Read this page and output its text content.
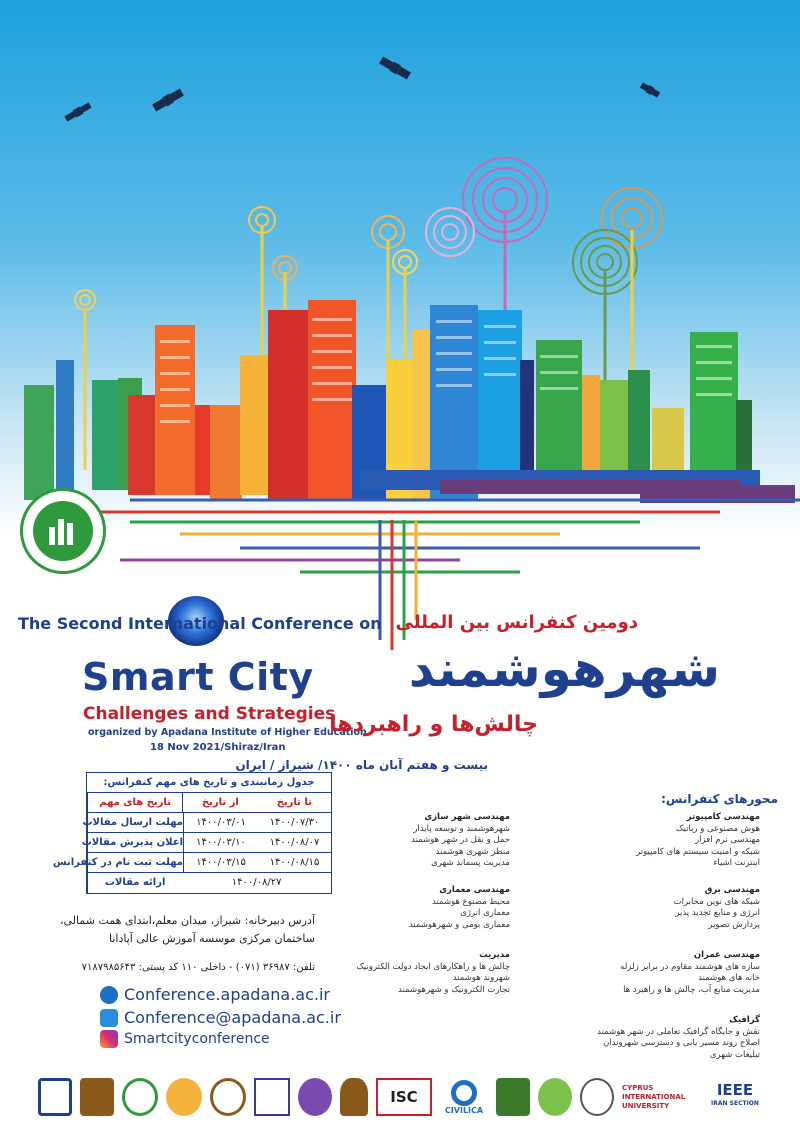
The Second International Conference on
Smart City
Challenges and Strategies
organized by Apadana Institute of Higher Education
18 Nov 2021/Shiraz/Iran
دومین کنفرانس بین المللی
شهرهوشمند
چالش‌ها و راهبردها
بیست و هفتم آبان ماه ۱۴۰۰/ شیراز / ایران
جدول زمانبندی و تاریخ های مهم کنفرانس:
تاریخ های مهم	از تاریخ	تا تاریخ
مهلت ارسال مقالات	۱۴۰۰/۰۳/۰۱	۱۴۰۰/۰۷/۳۰
اعلان پذیرش مقالات	۱۴۰۰/۰۳/۱۰	۱۴۰۰/۰۸/۰۷
مهلت ثبت نام در کنفرانس	۱۴۰۰/۰۳/۱۵	۱۴۰۰/۰۸/۱۵
ارائه مقالات	۱۴۰۰/۰۸/۲۷
آدرس دبیرخانه: شیراز، میدان معلم،ابتدای همت شمالی،
ساختمان مرکزی موسسه آموزش عالی آپادانا
تلفن: ۳۶۹۸۷ (۰۷۱) - داخلی ۱۱۰ کد پستی: ۷۱۸۷۹۸۵۶۴۳
Conference.apadana.ac.ir
Conference@apadana.ac.ir
Smartcityconference
محورهای کنفرانس:
مهندسی کامپیوتر
هوش مصنوعی و رباتیک
مهندسی نرم افزار
شبکه و امنیت سیستم های کامپیوتر
اینترنت اشیاء
مهندسی شهر سازی
شهرهوشمند و توسعه پایدار
حمل و نقل در شهر هوشمند
منظر شهری هوشمند
مدیریت پسماند شهری
مهندسی برق
شبکه های نوین مخابرات
انرژی و منابع تجدید پذیر
پردازش تصویر
مهندسی معماری
محیط مصنوع هوشمند
معماری انرژی
معماری بومی و شهرهوشمند
مهندسی عمران
سازه های هوشمند مقاوم در برابر زلزله
خانه های هوشمند
مدیریت منابع آب، چالش ها و راهبرد ها
مدیریت
چالش ها و راهکارهای ایجاد دولت الکترونیک
شهروند هوشمند
تجارت الکترونیک و شهرهوشمند
گرافیک
نقش و جایگاه گرافیک تعاملی در شهر هوشمند
اصلاح روند مسیر یابی و دسترسی شهروندان
تبلیغات شهری
ISC
CIVILICA
CYPRUS INTERNATIONAL UNIVERSITY
IEEE
IRAN SECTION
